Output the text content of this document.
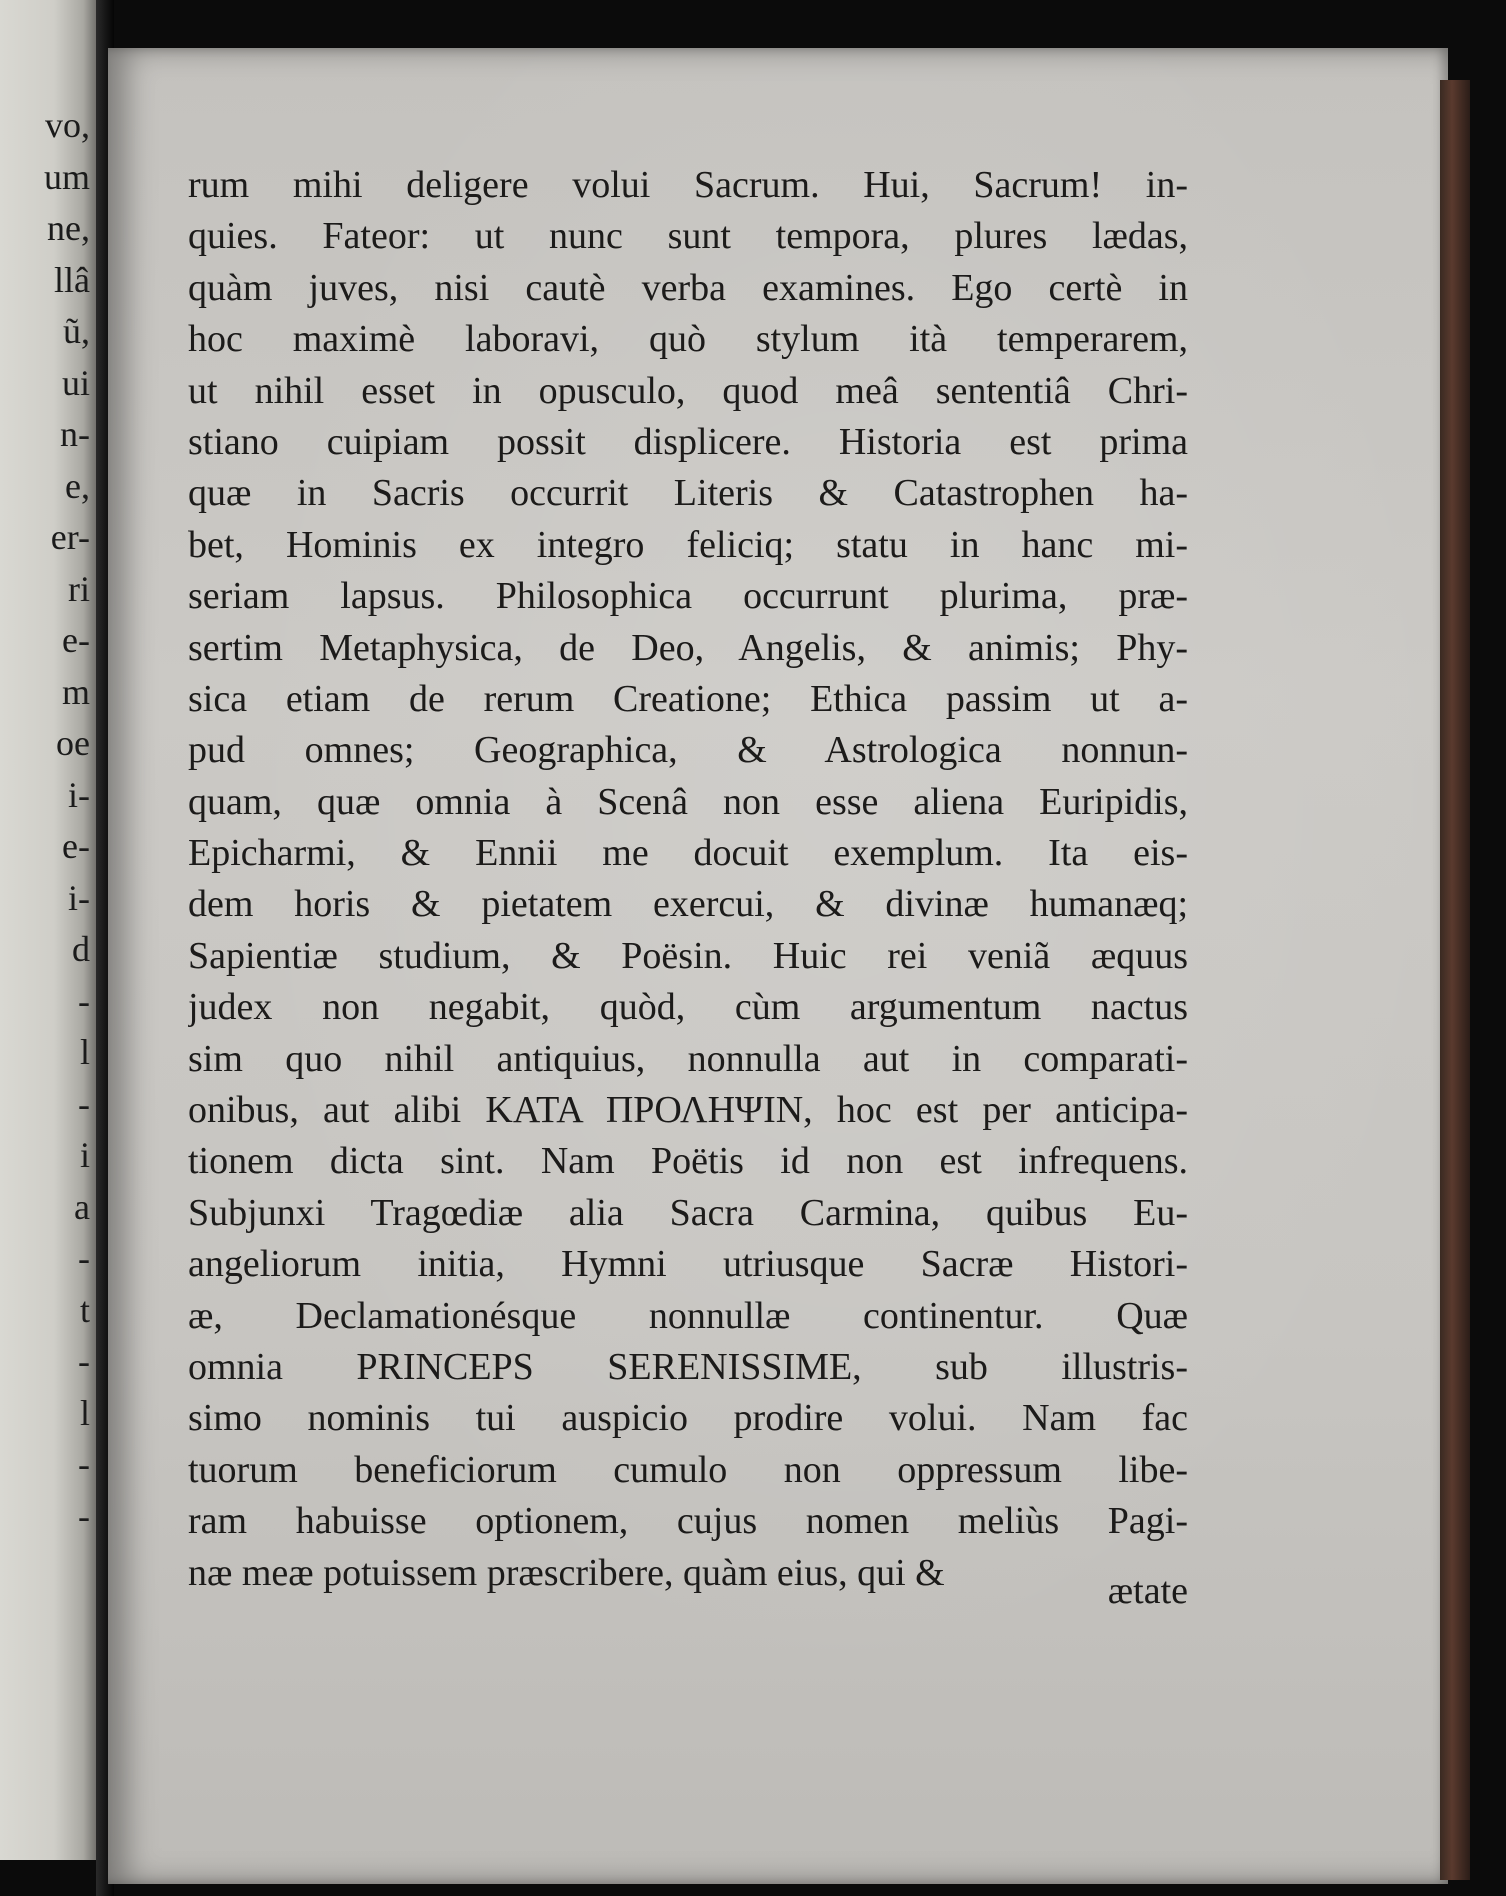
vo,
um
ne,
llâ
ũ,
ui
n-
e,
er-
ri
e-
m
oe
i-
e-
i-
d
-
l
-
i
a
-
t
-
l
-
-
rum mihi deligere volui Sacrum. Hui, Sacrum! in-
quies. Fateor: ut nunc sunt tempora, plures lædas,
quàm juves, nisi cautè verba examines. Ego certè in
hoc maximè laboravi, quò stylum ità temperarem,
ut nihil esset in opusculo, quod meâ sententiâ Chri-
stiano cuipiam possit displicere. Historia est prima
quæ in Sacris occurrit Literis & Catastrophen ha-
bet, Hominis ex integro feliciq; statu in hanc mi-
seriam lapsus. Philosophica occurrunt plurima, præ-
sertim Metaphysica, de Deo, Angelis, & animis; Phy-
sica etiam de rerum Creatione; Ethica passim ut a-
pud omnes; Geographica, & Astrologica nonnun-
quam, quæ omnia à Scenâ non esse aliena Euripidis,
Epicharmi, & Ennii me docuit exemplum. Ita eis-
dem horis & pietatem exercui, & divinæ humanæq;
Sapientiæ studium, & Poësin. Huic rei veniã æquus
judex non negabit, quòd, cùm argumentum nactus
sim quo nihil antiquius, nonnulla aut in comparati-
onibus, aut alibi ΚΑΤΑ ΠΡΟΛΗΨΙΝ, hoc est per anticipa-
tionem dicta sint. Nam Poëtis id non est infrequens.
Subjunxi Tragœdiæ alia Sacra Carmina, quibus Eu-
angeliorum initia, Hymni utriusque Sacræ Histori-
æ, Declamationésque nonnullæ continentur. Quæ
omnia PRINCEPS SERENISSIME, sub illustris-
simo nominis tui auspicio prodire volui. Nam fac
tuorum beneficiorum cumulo non oppressum libe-
ram habuisse optionem, cujus nomen meliùs Pagi-
næ meæ potuissem præscribere, quàm eius, qui &	ætate
